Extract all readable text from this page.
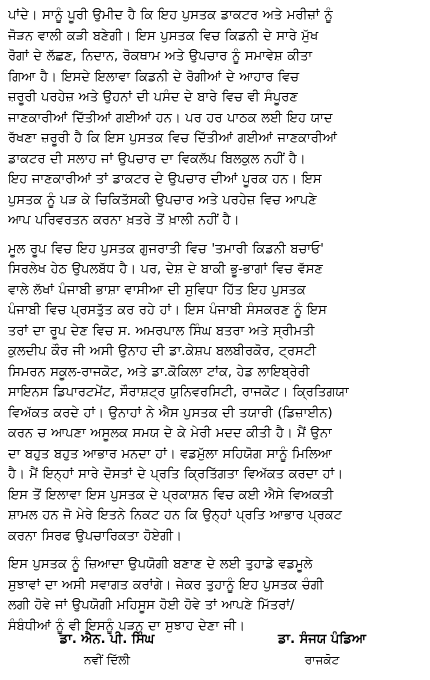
ਪਾਂਦੇ। ਸਾਨੂੰ ਪੂਰੀ ਉਮੀਦ ਹੈ ਕਿ ਇਹ ਪੁਸਤਕ ਡਾਕਟਰ ਅਤੇ ਮਰੀਜ਼ਾਂ ਨੂੰ
ਜੋੜਨ ਵਾਲੀ ਕੜੀ ਬਣੇਗੀ। ਇਸ ਪੁਸਤਕ ਵਿਚ ਕਿਡਨੀ ਦੇ ਸਾਰੇ ਮੁੱਖ
ਰੋਗਾਂ ਦੇ ਲੱਛਣ, ਨਿਦਾਨ, ਰੋਕਥਾਮ ਅਤੇ ਉਪਚਾਰ ਨੂੰ ਸਮਾਵੇਸ਼ ਕੀਤਾ
ਗਿਆ ਹੈ। ਇਸਦੇ ਇਲਾਵਾ ਕਿਡਨੀ ਦੇ ਰੋਗੀਆਂ ਦੇ ਆਹਾਰ ਵਿਚ
ਜ਼ਰੂਰੀ ਪਰਹੇਜ਼ ਅਤੇ ਉਹਨਾਂ ਦੀ ਪਸੰਦ ਦੇ ਬਾਰੇ ਵਿਚ ਵੀ ਸੰਪੂਰਣ
ਜਾਣਕਾਰੀਆਂ ਦਿੱਤੀਆਂ ਗਈਆਂ ਹਨ। ਪਰ ਹਰ ਪਾਠਕ ਲਈ ਇਹ ਯਾਦ
ਰੱਖਣਾ ਜ਼ਰੂਰੀ ਹੈ ਕਿ ਇਸ ਪੁਸਤਕ ਵਿਚ ਦਿੱਤੀਆਂ ਗਈਆਂ ਜਾਣਕਾਰੀਆਂ
ਡਾਕਟਰ ਦੀ ਸਲਾਹ ਜਾਂ ਉਪਚਾਰ ਦਾ ਵਿਕਲੱਪ ਬਿਲਕੁਲ ਨਹੀਂ ਹੈ।
ਇਹ ਜਾਣਕਾਰੀਆਂ ਤਾਂ ਡਾਕਟਰ ਦੇ ਉਪਚਾਰ ਦੀਆਂ ਪੂਰਕ ਹਨ। ਇਸ
ਪੁਸਤਕ ਨੂੰ ਪੜ ਕੇ ਚਿਕਿਤੱਸਕੀ ਉਪਚਾਰ ਅਤੇ ਪਰਹੇਜ਼ ਵਿਚ ਆਪਣੇ
ਆਪ ਪਰਿਵਰਤਨ ਕਰਨਾ ਖ਼ਤਰੇ ਤੋਂ ਖ਼ਾਲੀ ਨਹੀਂ ਹੈ।

ਮੂਲ ਰੂਪ ਵਿਚ ਇਹ ਪੁਸਤਕ ਗੁਜਰਾਤੀ ਵਿਚ 'ਤਮਾਰੀ ਕਿਡਨੀ ਬਚਾਓ'
ਸਿਰਲੇਖ ਹੇਠ ਉਪਲਬੱਧ ਹੈ। ਪਰ, ਦੇਸ਼ ਦੇ ਬਾਕੀ ਭੂ-ਭਾਗਾਂ ਵਿਚ ਵੱਸਣ
ਵਾਲੇ ਲੱਖਾਂ ਪੰਜਾਬੀ ਭਾਸ਼ਾ ਵਾਸੀਆ ਦੀ ਸੁਵਿਧਾ ਹਿੱਤ ਇਹ ਪੁਸਤਕ
ਪੰਜਾਬੀ ਵਿਚ ਪ੍ਰਸਤੁੱਤ ਕਰ ਰਹੇ ਹਾਂ। ਇਸ ਪੰਜਾਬੀ ਸੰਸਕਰਣ ਨੂੰ ਇਸ
ਤਰਾਂ ਦਾ ਰੂਪ ਦੇਣ ਵਿਚ ਸ. ਅਮਰਪਾਲ ਸਿੰਘ ਬਤਰਾ ਅਤੇ ਸ੍ਰੀਮਤੀ
ਕੁਲਦੀਪ ਕੌਰ ਜੀ ਅਸੀ ਉਨਾਹ ਦੀ ਡਾ.ਕੇਸ਼ਪ ਬਲਬੀਰਕੋਰ, ਟ੍ਰਸਟੀ
ਸਿਮਰਨ ਸਕੂਲ-ਰਾਜਕੋਟ, ਅਤੇ ਡਾ.ਕੋਕਿਲਾ ਟਾਂਕ, ਹੇਡ ਲਾਇਬ੍ਰੇਰੀ
ਸਾਇਨਸ ਡਿਪਾਰਟਮੇਂਟ, ਸੌਰਾਸ਼ਟ੍ਰ ਯੁਨਿਵਰਸਿਟੀ, ਰਾਜਕੋਟ। ਕ੍ਰਿਤਿਗਯਾ
ਵਿਅੱਕਤ ਕਰਦੇ ਹਾਂ। ਉਨਾਹਾਂ ਨੇ ਐਸ ਪੁਸਤਕ ਦੀ ਤਯਾਰੀ (ਡਿਜ਼ਾਈਨ)
ਕਰਨ ਚ ਆਪਣਾ ਅਸੂਲਕ ਸਮਯ ਦੇ ਕੇ ਮੇਰੀ ਮਦਦ ਕੀਤੀ ਹੈ। ਮੈਂ ਉਨਾ
ਦਾ ਬਹੁਤ ਬਹੁਤ ਆਭਾਰ ਮਨਦਾ ਹਾਂ। ਵਡਮੁੱਲਾ ਸਹਿਯੋਗ ਸਾਨੂੰ ਮਿਲਿਆ
ਹੈ। ਮੈਂ ਇਨ੍ਹਾਂ ਸਾਰੇ ਦੋਸਤਾਂ ਦੇ ਪ੍ਰਤਿ ਕ੍ਰਿਤਿੱਗਤਾ ਵਿਅੱਕਤ ਕਰਦਾ ਹਾਂ।
ਇਸ ਤੋਂ ਇਲਾਵਾ ਇਸ ਪੁਸਤਕ ਦੇ ਪ੍ਰਕਾਸ਼ਨ ਵਿਚ ਕਈ ਐਸੇ ਵਿਅਕਤੀ
ਸ਼ਾਮਲ ਹਨ ਜੋ ਮੇਰੇ ਇਤਨੇ ਨਿਕਟ ਹਨ ਕਿ ਉਨ੍ਹਾਂ ਪ੍ਰਤਿ ਆਭਾਰ ਪ੍ਰਕਟ
ਕਰਨਾ ਸਿਰਫ ਉਪਚਾਰਿਕਤਾ ਹੋਏਗੀ।

ਇਸ ਪੁਸਤਕ ਨੂੰ ਜ਼ਿਆਦਾ ਉਪਯੋਗੀ ਬਣਾਣ ਦੇ ਲਈ ਤੁਹਾਡੇ ਵਡਮੂਲੇ
ਸੁਝਾਵਾਂ ਦਾ ਅਸੀ ਸਵਾਗਤ ਕਰਾਂਗੇ। ਜੇਕਰ ਤੁਹਾਨੂੰ ਇਹ ਪੁਸਤਕ ਚੰਗੀ
ਲਗੀ ਹੋਵੇ ਜਾਂ ਉਪਯੋਗੀ ਮਹਿਸੂਸ ਹੋਈ ਹੋਵੇ ਤਾਂ ਆਪਣੇ ਮਿੱਤਰਾਂ/
ਸੰਬੰਧੀਆਂ ਨੂੰ ਵੀ ਇਸਨੂੰ ਪੜਨ ਦਾ ਸੁਝਾਹ ਦੇਣਾ ਜੀ।

ਡਾ. ਐਨ. ਪੀ. ਸਿੰਘ
ਨਵੀਂ ਦਿੱਲੀ
ਡਾ. ਸੰਜਯ ਪੰਡਿਆ
ਰਾਜਕੋਟ
